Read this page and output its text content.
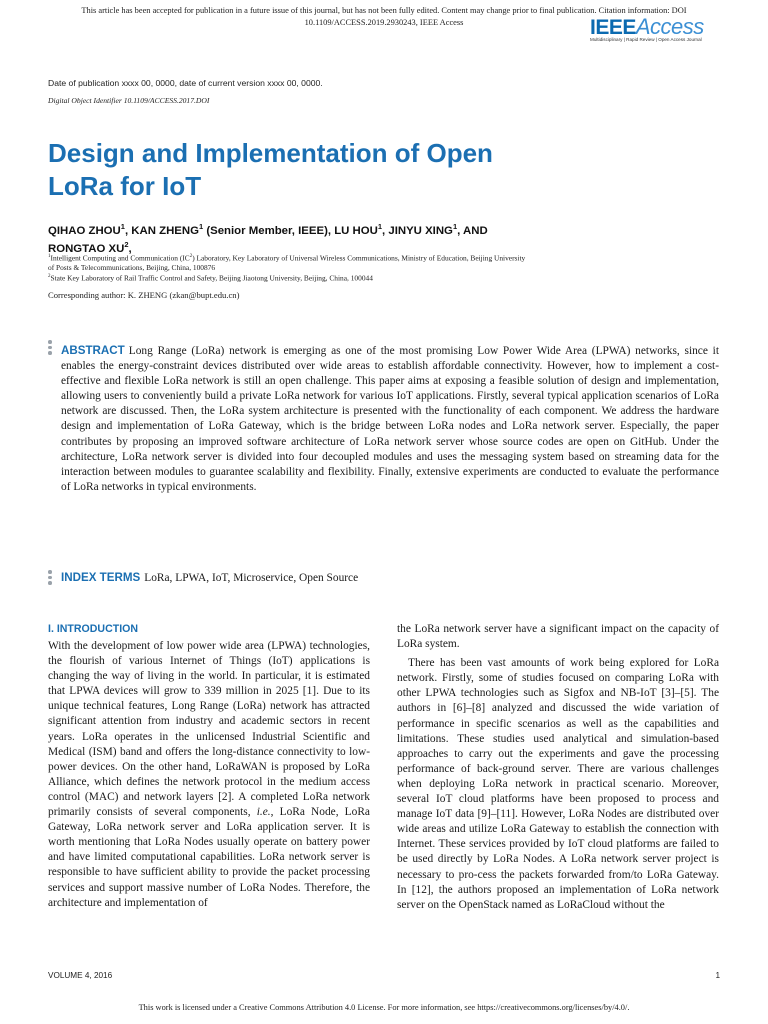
This article has been accepted for publication in a future issue of this journal, but has not been fully edited. Content may change prior to final publication. Citation information: DOI
10.1109/ACCESS.2019.2930243, IEEE Access	IEEEAccess
Multidisciplinary | Rapid Review | Open Access Journal
Date of publication xxxx 00, 0000, date of current version xxxx 00, 0000.
Digital Object Identifier 10.1109/ACCESS.2017.DOI
Design and Implementation of Open
LoRa for IoT
QIHAO ZHOU$^1$, KAN ZHENG$^1$ (Senior Member, IEEE), LU HOU$^1$, JINYU XING$^1$, AND
RONGTAO $XU^2$,
$^1$Intelligent Computing and Communication $(IC^2)$ Laboratory, Key Laboratory of Universal Wireless Communications, Ministry of Education, Beijing University
of Posts & Telecommunications, Beijing, China, 100876
$^2$State Key Laboratory of Rail Traffic Control and Safety, Beijing Jiaotong University, Beijing, China, 100044
Corresponding author: K. ZHENG (zkan@bupt.edu.cn)
ABSTRACT Long Range (LoRa) network is emerging as one of the most promising Low Power Wide Area (LPWA) networks, since it enables the energy-constraint devices distributed over wide areas to establish affordable connectivity. However, how to implement a cost-effective and flexible LoRa network is still an open challenge. This paper aims at exposing a feasible solution of design and implementation, allowing users to conveniently build a private LoRa network for various IoT applications. Firstly, several typical application scenarios of LoRa network are discussed. Then, the LoRa system architecture is presented with the functionality of each component. We address the hardware design and implementation of LoRa Gateway, which is the bridge between LoRa nodes and LoRa network server. Especially, the paper contributes by proposing an improved software architecture of LoRa network server whose source codes are open on GitHub. Under the architecture, LoRa network server is divided into four decoupled modules and uses the messaging system based on streaming data for the interaction between modules to guarantee scalability and flexibility. Finally, extensive experiments are conducted to evaluate the performance of LoRa networks in typical environments.
INDEX TERMS LoRa, LPWA, IoT, Microservice, Open Source
I. INTRODUCTION

With the development of low power wide area (LPWA) technologies, the flourish of various Internet of Things (IoT) applications is changing the way of living in the world. In particular, it is estimated that LPWA devices will grow to 339 million in 2025 [1]. Due to its unique technical features, Long Range (LoRa) network has attracted significant attention from industry and academic sectors in recent years. LoRa operates in the unlicensed Industrial Scientific and Medical (ISM) band and offers the long-distance connectivity to low-power devices. On the other hand, LoRaWAN is proposed by LoRa Alliance, which defines the network protocol in the medium access control (MAC) and network layers [2]. A completed LoRa network primarily consists of several components, i.e., LoRa Node, LoRa Gateway, LoRa network server and LoRa application server. It is worth mentioning that LoRa Nodes usually operate on battery power and have limited computational capabilities. LoRa network server is responsible to have sufficient ability to provide the packet processing services and support massive number of LoRa Nodes. Therefore, the architecture and implementation of

the LoRa network server have a significant impact on the capacity of LoRa system.

There has been vast amounts of work being explored for LoRa network. Firstly, some of studies focused on comparing LoRa with other LPWA technologies such as Sigfox and NB-IoT [3]–[5]. The authors in [6]–[8] analyzed and discussed the wide variation of performance in specific scenarios as well as the capabilities and limitations. These studies used analytical and simulation-based approaches to carry out the experiments and gave the processing performance of back-ground server. There are various challenges when deploying LoRa network in practical scenario. Moreover, several IoT cloud platforms have been proposed to process and manage IoT data [9]–[11]. However, LoRa Nodes are distributed over wide areas and utilize LoRa Gateway to establish the connection with Internet. These services provided by IoT cloud platforms are failed to be used directly by LoRa Nodes. A LoRa network server project is necessary to pro-cess the packets forwarded from/to LoRa Gateway. In [12], the authors proposed an implementation of LoRa network server on the OpenStack named as LoRaCloud without the

VOLUME 4, 2016	1
This work is licensed under a Creative Commons Attribution 4.0 License. For more information, see https://creativecommons.org/licenses/by/4.0/.
